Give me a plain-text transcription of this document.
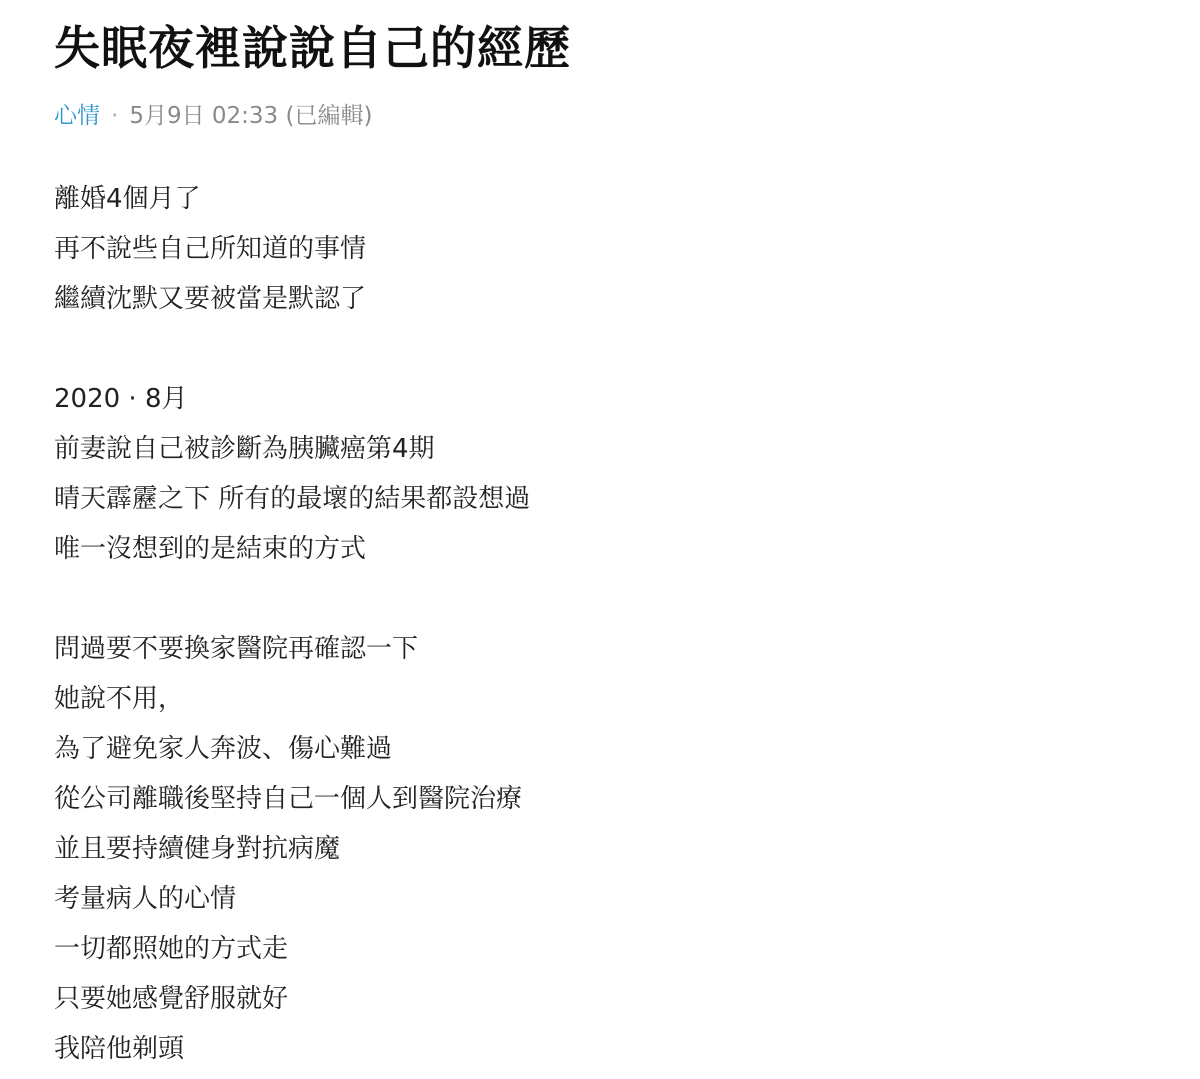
失眠夜裡說說自己的經歷
心情 · 5月9日 02:33 (已編輯)
離婚4個月了
再不說些自己所知道的事情
繼續沈默又要被當是默認了
2020 · 8月
前妻說自己被診斷為胰臟癌第4期
晴天霹靂之下 所有的最壞的結果都設想過
唯一沒想到的是結束的方式
問過要不要換家醫院再確認一下
她說不用，
為了避免家人奔波、傷心難過
從公司離職後堅持自己一個人到醫院治療
並且要持續健身對抗病魔
考量病人的心情
一切都照她的方式走
只要她感覺舒服就好
我陪他剃頭
